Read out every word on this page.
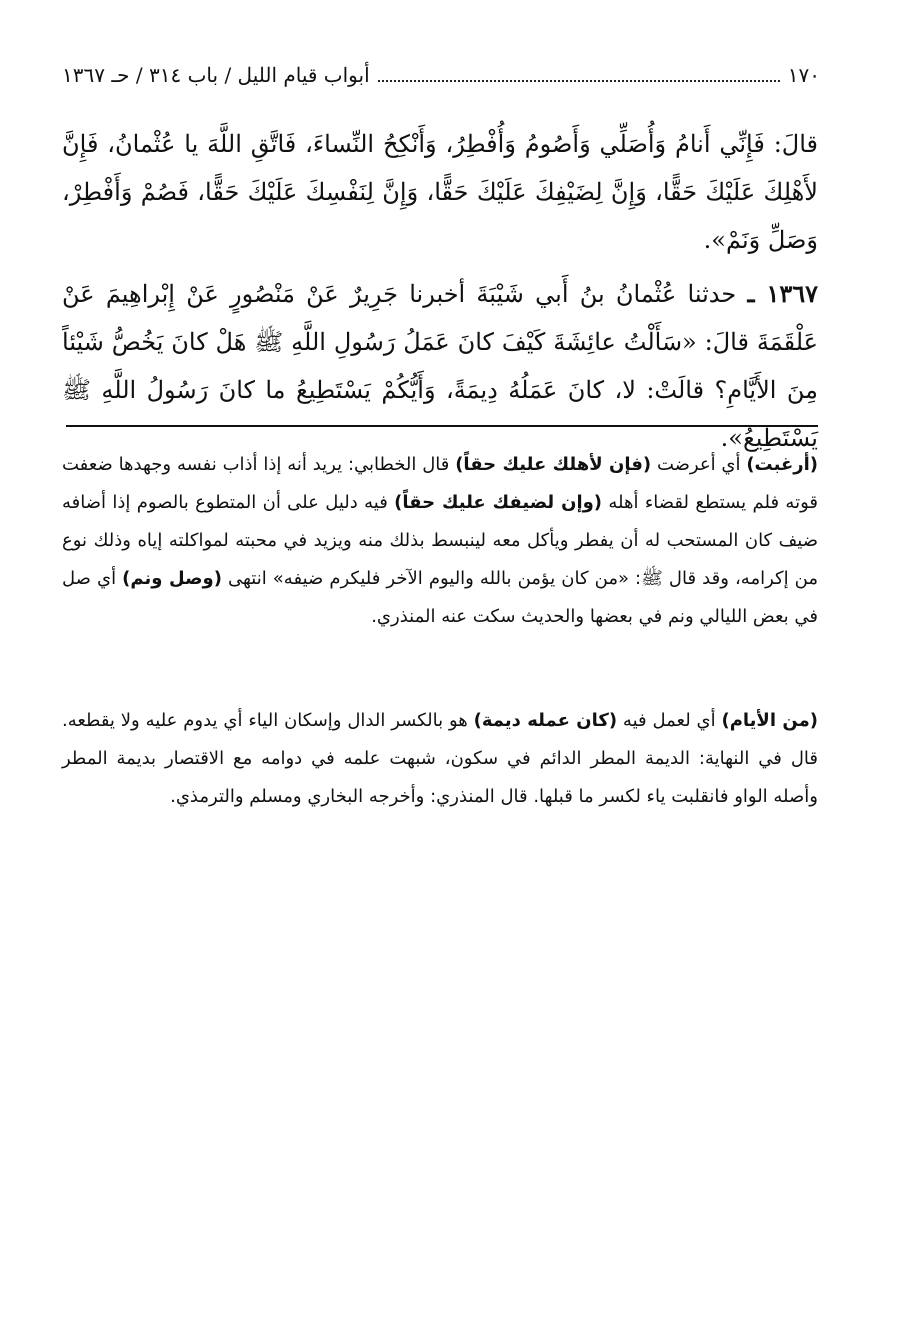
١٧٠
أبواب قيام الليل / باب ٣١٤ / حـ ١٣٦٧

قالَ: فَإِنِّي أَنامُ وَأُصَلِّي وَأَصُومُ وَأُفْطِرُ، وَأَنْكِحُ النِّساءَ، فَاتَّقِ اللَّهَ يا عُثْمانُ، فَإِنَّ لأَهْلِكَ عَلَيْكَ حَقًّا، وَإِنَّ لِضَيْفِكَ عَلَيْكَ حَقًّا، وَإِنَّ لِنَفْسِكَ عَلَيْكَ حَقًّا، فَصُمْ وَأَفْطِرْ، وَصَلِّ وَنَمْ».

١٣٦٧ ـ حدثنا عُثْمانُ بنُ أَبي شَيْبَةَ أخبرنا جَرِيرٌ عَنْ مَنْصُورٍ عَنْ إِبْراهِيمَ عَنْ عَلْقَمَةَ قالَ: «سَأَلْتُ عائِشَةَ كَيْفَ كانَ عَمَلُ رَسُولِ اللَّهِ ﷺ هَلْ كانَ يَخُصُّ شَيْئاً مِنَ الأَيَّامِ؟ قالَتْ: لا، كانَ عَمَلُهُ دِيمَةً، وَأَيُّكُمْ يَسْتَطِيعُ ما كانَ رَسُولُ اللَّهِ ﷺ يَسْتَطِيعُ».

(أرغبت) أي أعرضت (فإن لأهلك عليك حقاً) قال الخطابي: يريد أنه إذا أذاب نفسه وجهدها ضعفت قوته فلم يستطع لقضاء أهله (وإن لضيفك عليك حقاً) فيه دليل على أن المتطوع بالصوم إذا أضافه ضيف كان المستحب له أن يفطر ويأكل معه لينبسط بذلك منه ويزيد في محبته لمواكلته إياه وذلك نوع من إكرامه، وقد قال ﷺ: «من كان يؤمن بالله واليوم الآخر فليكرم ضيفه» انتهى (وصل ونم) أي صل في بعض الليالي ونم في بعضها والحديث سكت عنه المنذري.

(من الأيام) أي لعمل فيه (كان عمله ديمة) هو بالكسر الدال وإسكان الياء أي يدوم عليه ولا يقطعه. قال في النهاية: الديمة المطر الدائم في سكون، شبهت علمه في دوامه مع الاقتصار بديمة المطر وأصله الواو فانقلبت ياء لكسر ما قبلها. قال المنذري: وأخرجه البخاري ومسلم والترمذي.
